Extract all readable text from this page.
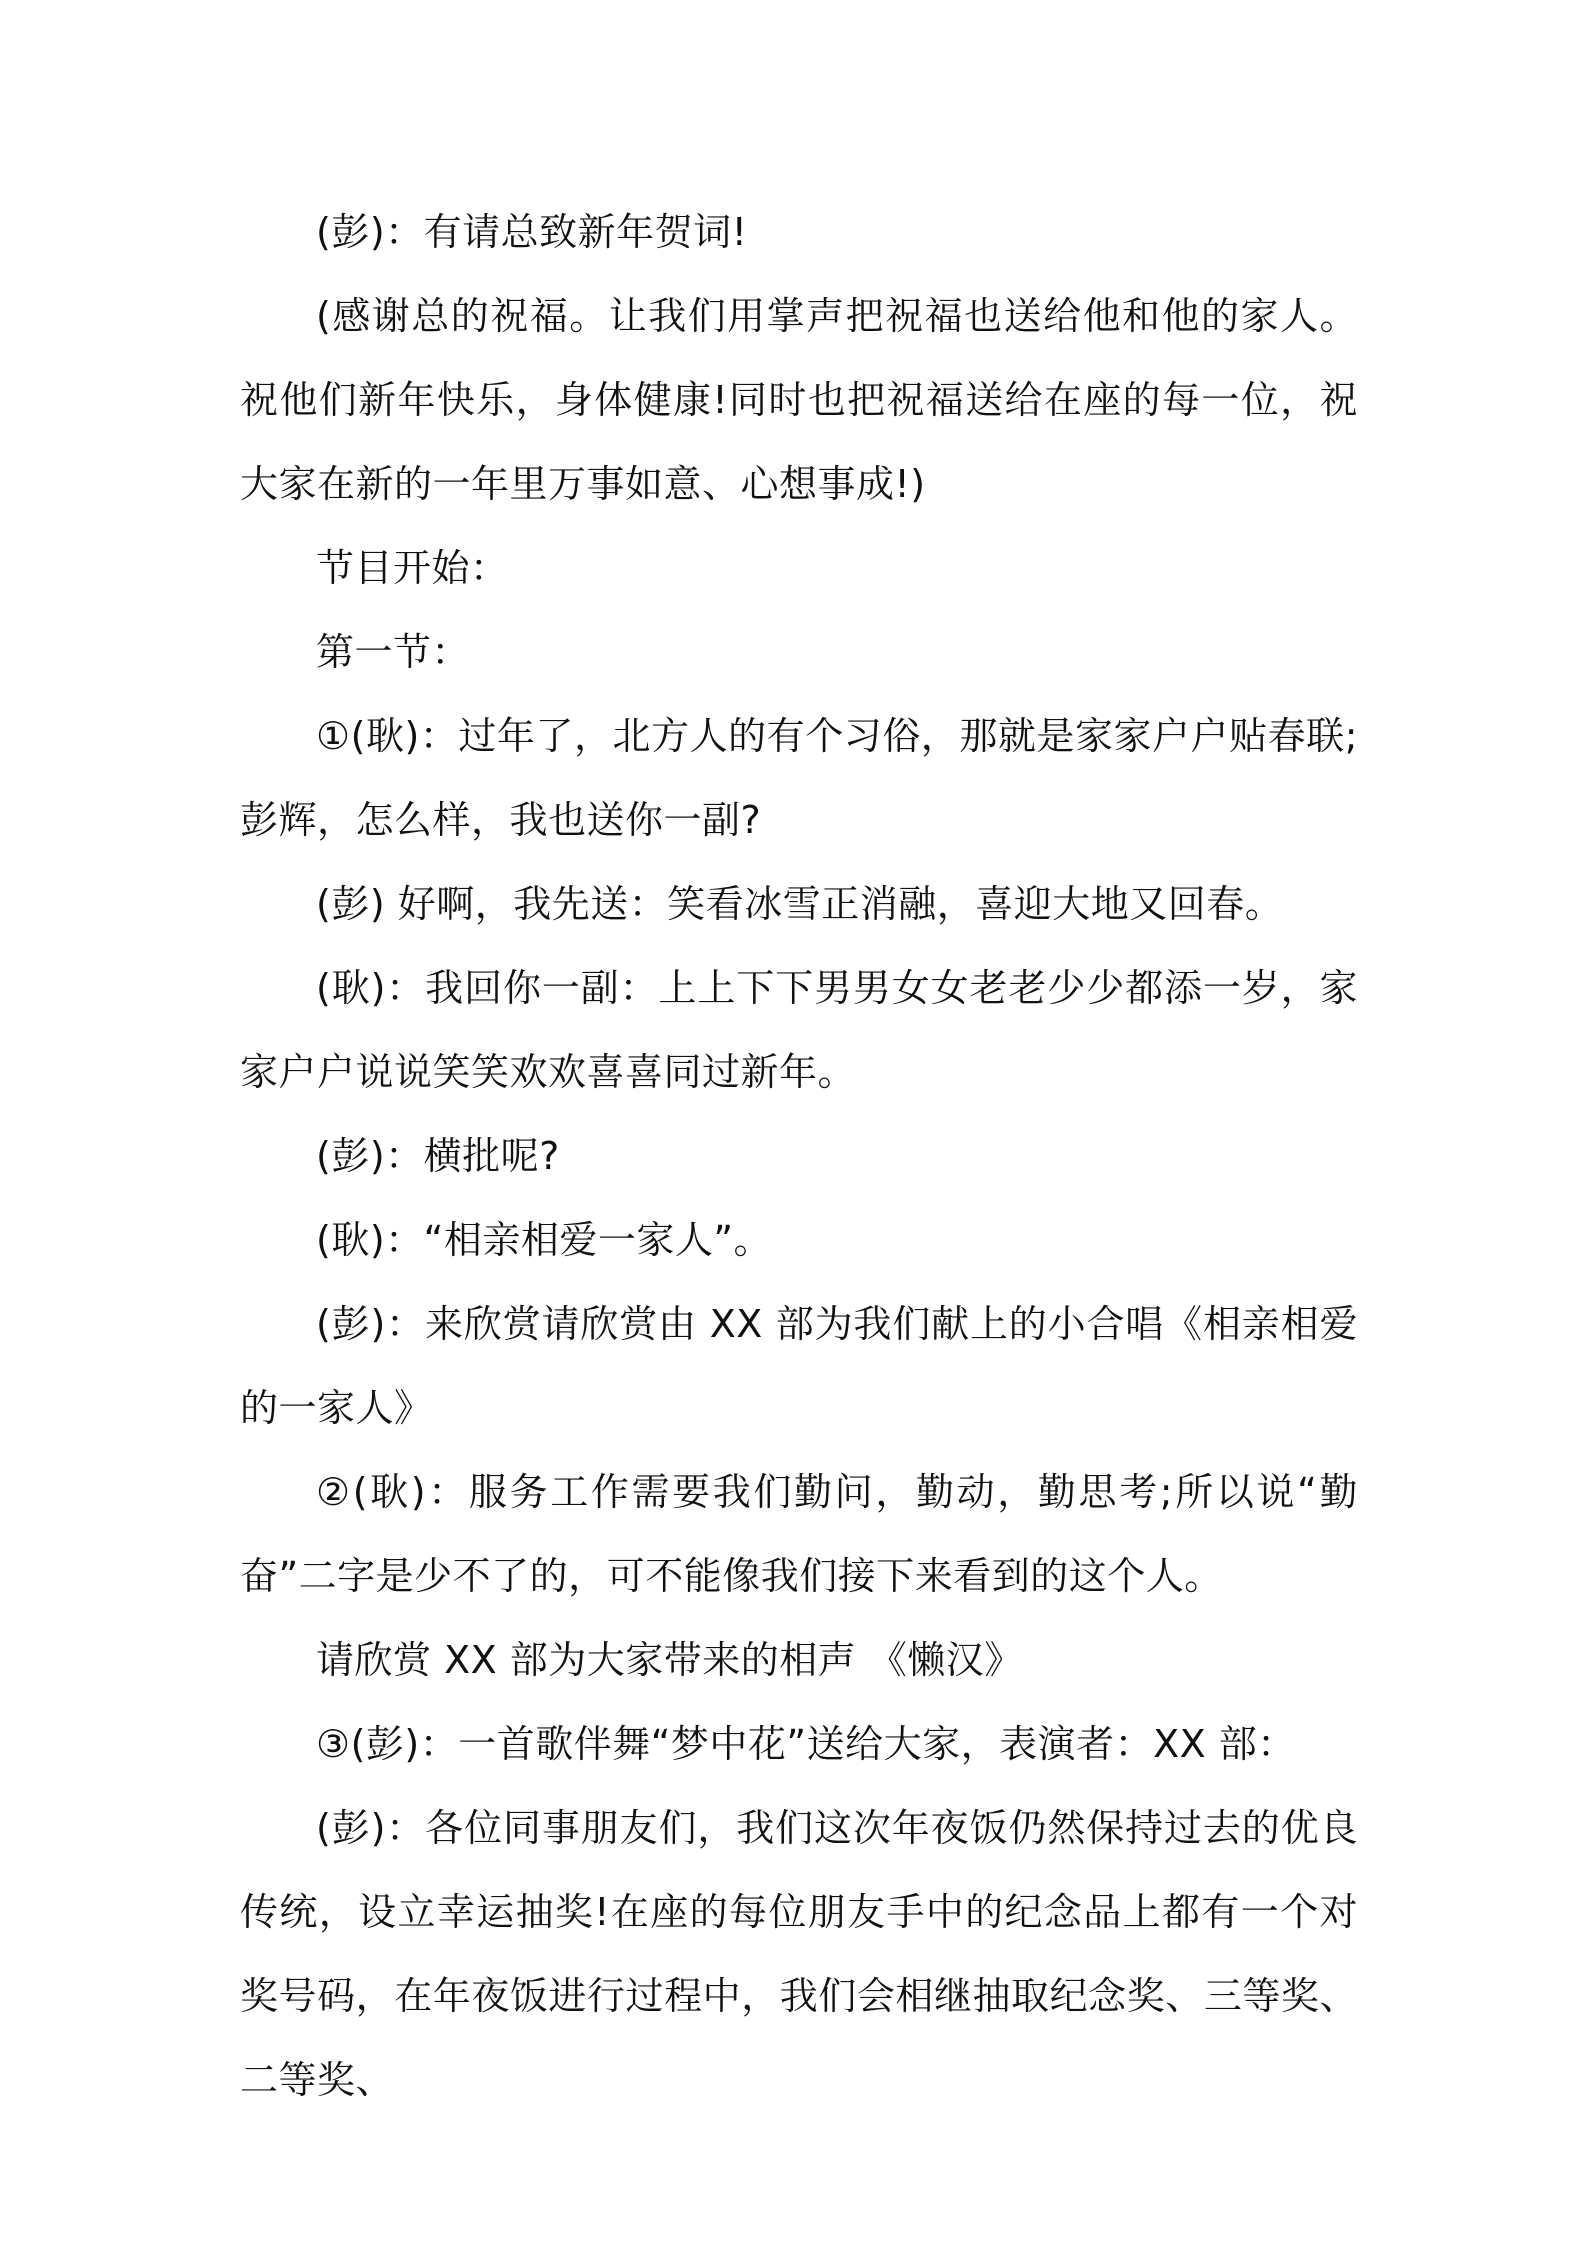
(彭)：有请总致新年贺词!

(感谢总的祝福。让我们用掌声把祝福也送给他和他的家人。祝他们新年快乐，身体健康!同时也把祝福送给在座的每一位，祝大家在新的一年里万事如意、心想事成!)

节目开始：

第一节：

①(耿)：过年了，北方人的有个习俗，那就是家家户户贴春联;彭辉，怎么样，我也送你一副?

(彭) 好啊，我先送：笑看冰雪正消融，喜迎大地又回春。

(耿)：我回你一副：上上下下男男女女老老少少都添一岁，家家户户说说笑笑欢欢喜喜同过新年。

(彭)：横批呢?

(耿)：“相亲相爱一家人”。

(彭)：来欣赏请欣赏由 XX 部为我们献上的小合唱《相亲相爱的一家人》

②(耿)：服务工作需要我们勤问，勤动，勤思考;所以说“勤奋”二字是少不了的，可不能像我们接下来看到的这个人。

请欣赏 XX 部为大家带来的相声 《懒汉》

③(彭)：一首歌伴舞“梦中花”送给大家，表演者：XX 部：

(彭)：各位同事朋友们，我们这次年夜饭仍然保持过去的优良传统，设立幸运抽奖!在座的每位朋友手中的纪念品上都有一个对奖号码，在年夜饭进行过程中，我们会相继抽取纪念奖、三等奖、二等奖、
